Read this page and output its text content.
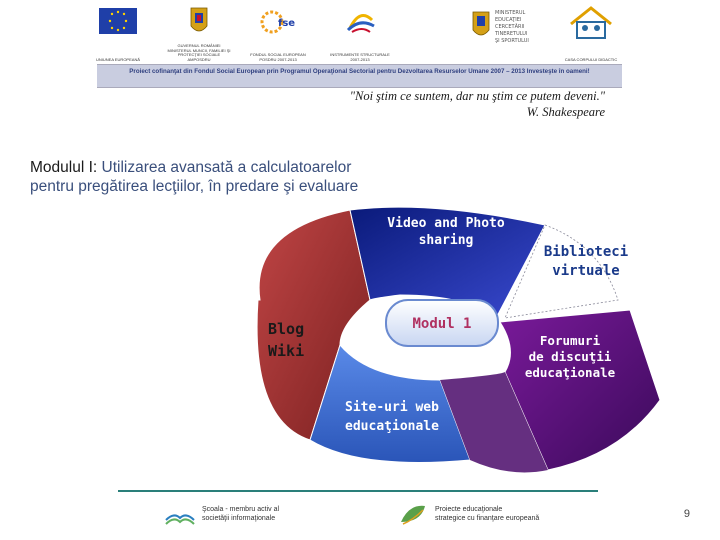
UNIUNEA EUROPEANĂ
GUVERNUL ROMÂNIEI MINISTERUL MUNCII, FAMILIEI ŞI PROTECŢIEI SOCIALE AMPOSDRU
fse
FONDUL SOCIAL EUROPEAN POSDRU 2007-2013
INSTRUMENTE STRUCTURALE 2007-2013
MINISTERUL
EDUCAŢIEI
CERCETĂRII
TINERETULUI
ŞI SPORTULUI
CASA CORPULUI DIDACTIC
Proiect cofinanţat din Fondul Social European prin Programul Operaţional Sectorial pentru Dezvoltarea Resurselor Umane 2007 – 2013 Investeşte în oameni!
"Noi ştim ce suntem, dar nu ştim ce putem deveni."
W. Shakespeare
Modulul I: Utilizarea avansată a calculatoarelor
pentru pregătirea lecţiilor, în predare şi evaluare
Modul 1
Video and Photo
sharing
Biblioteci
virtuale
Blog
Wiki
Forumuri
de discuţii
educaţionale
Site-uri web
educaţionale
Şcoala - membru activ al
societăţii informaţionale
Proiecte educaţionale
strategice cu finanţare europeană	9
